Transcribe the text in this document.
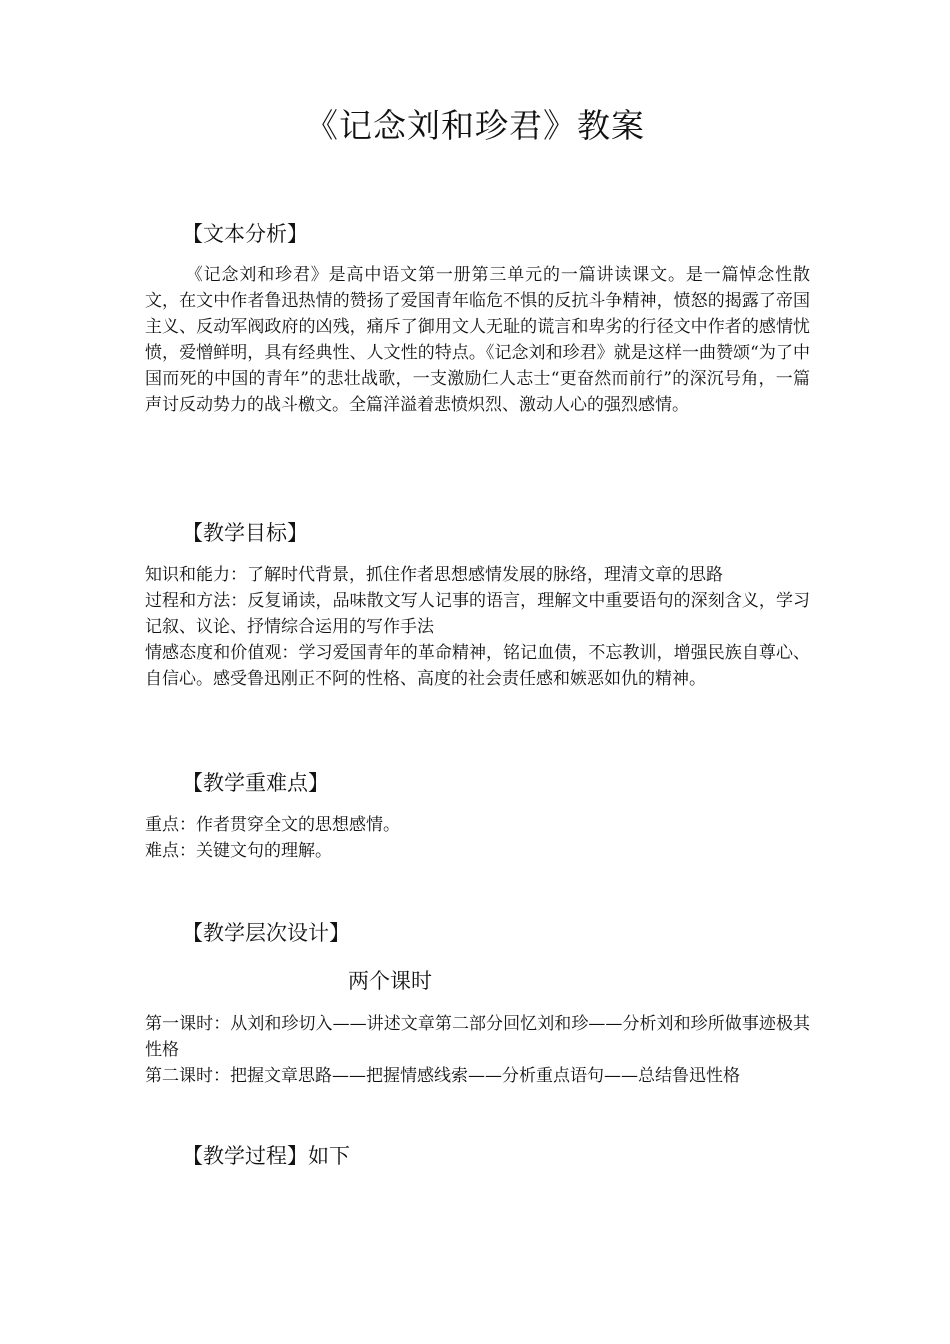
《记念刘和珍君》教案
【文本分析】

《记念刘和珍君》是高中语文第一册第三单元的一篇讲读课文。是一篇悼念性散文，在文中作者鲁迅热情的赞扬了爱国青年临危不惧的反抗斗争精神，愤怒的揭露了帝国主义、反动军阀政府的凶残，痛斥了御用文人无耻的谎言和卑劣的行径文中作者的感情忧愤，爱憎鲜明，具有经典性、人文性的特点。《记念刘和珍君》就是这样一曲赞颂“为了中国而死的中国的青年”的悲壮战歌，一支激励仁人志士“更奋然而前行”的深沉号角，一篇声讨反动势力的战斗檄文。全篇洋溢着悲愤炽烈、激动人心的强烈感情。

【教学目标】
知识和能力：了解时代背景，抓住作者思想感情发展的脉络，理清文章的思路
过程和方法：反复诵读，品味散文写人记事的语言，理解文中重要语句的深刻含义，学习记叙、议论、抒情综合运用的写作手法
情感态度和价值观：学习爱国青年的革命精神，铭记血债，不忘教训，增强民族自尊心、自信心。感受鲁迅刚正不阿的性格、高度的社会责任感和嫉恶如仇的精神。
【教学重难点】
重点：作者贯穿全文的思想感情。
难点：关键文句的理解。
【教学层次设计】
两个课时
第一课时：从刘和珍切入——讲述文章第二部分回忆刘和珍——分析刘和珍所做事迹极其性格
第二课时：把握文章思路——把握情感线索——分析重点语句——总结鲁迅性格
【教学过程】如下
